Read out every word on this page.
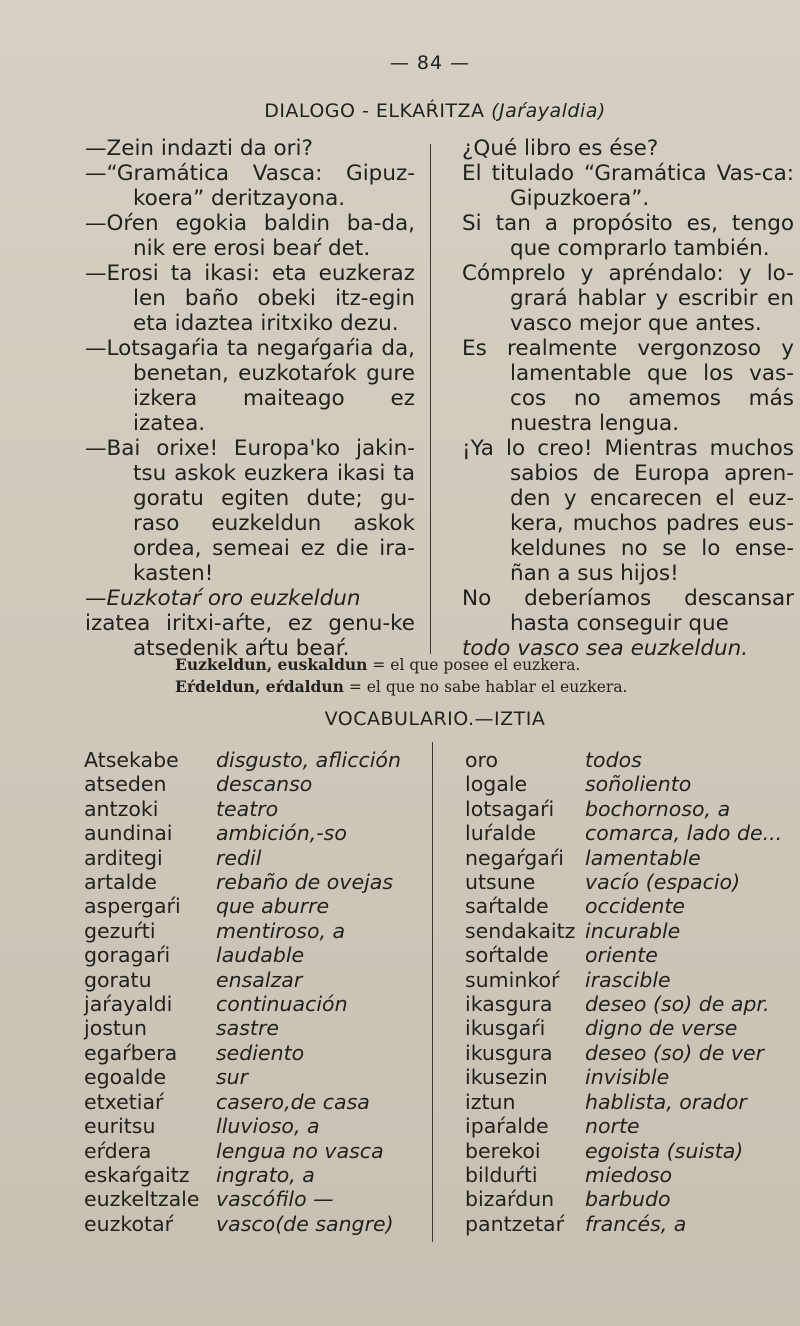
— 84 —
DIALOGO - ELKAŔITZA (Jaŕayaldia)

—Zein indazti da ori?

—“Gramática Vasca: Gipuz-koera” deritzayona.

—Oŕen egokia baldin ba-da, nik ere erosi beaŕ det.

—Erosi ta ikasi: eta euzkeraz len baño obeki itz-egin eta idaztea iritxiko dezu.

—Lotsagaŕia ta negaŕgaŕia da, benetan, euzkotaŕok gure izkera maiteago ez izatea.

—Bai orixe! Europa'ko jakin-tsu askok euzkera ikasi ta goratu egiten dute; gu-raso euzkeldun askok ordea, semeai ez die ira-kasten!

—Euzkotaŕ oro euzkeldun

izatea iritxi-aŕte, ez genu-ke atsedenik aŕtu beaŕ.

¿Qué libro es ése?

El titulado “Gramática Vas-ca: Gipuzkoera”.

Si tan a propósito es, tengo que comprarlo también.

Cómprelo y apréndalo: y lo-grará hablar y escribir en vasco mejor que antes.

Es realmente vergonzoso y lamentable que los vas-cos no amemos más nuestra lengua.

¡Ya lo creo! Mientras muchos sabios de Europa apren-den y encarecen el euz-kera, muchos padres eus-keldunes no se lo ense-ñan a sus hijos!

No deberíamos descansar hasta conseguir que

todo vasco sea euzkeldun.

Euzkeldun, euskaldun = el que posee el euzkera.
Eŕdeldun, eŕdaldun = el que no sabe hablar el euzkera.
VOCABULARIO.—IZTIA
Atsekabe	disgusto, aflicción
atseden	descanso
antzoki	teatro
aundinai	ambición,-so
arditegi	redil
artalde	rebaño de ovejas
aspergaŕi	que aburre
gezuŕti	mentiroso, a
goragaŕi	laudable
goratu	ensalzar
jaŕayaldi	continuación
jostun	sastre
egaŕbera	sediento
egoalde	sur
etxetiaŕ	casero,de casa
euritsu	lluvioso, a
eŕdera	lengua no vasca
eskaŕgaitz	ingrato, a
euzkeltzale vascófilo —
euzkotaŕ	vasco(de sangre)
oro	todos
logale	soñoliento
lotsagaŕi	bochornoso, a
luŕalde	comarca, lado de...
negaŕgaŕi	lamentable
utsune	vacío (espacio)
saŕtalde	occidente
sendakaitz incurable
soŕtalde	oriente
suminkoŕ	irascible
ikasgura	deseo (so) de apr.
ikusgaŕi	digno de verse
ikusgura	deseo (so) de ver
ikusezin	invisible
iztun	hablista, orador
ipaŕalde	norte
berekoi	egoista (suista)
bilduŕti	miedoso
bizaŕdun	barbudo
pantzetaŕ	francés, a
